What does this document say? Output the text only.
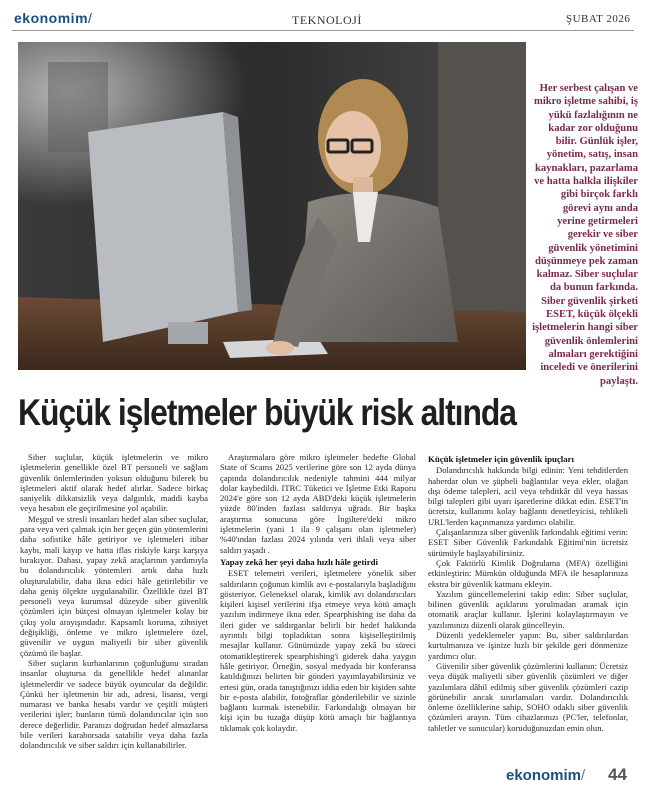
ekonomim/	TEKNOLOJİ	ŞUBAT 2026
Her serbest çalışan ve mikro işletme sahibi, iş yükü fazlalığının ne kadar zor olduğunu bilir. Günlük işler, yönetim, satış, insan kaynakları, pazarlama ve hatta halkla ilişkiler gibi birçok farklı görevi aynı anda yerine getirmeleri gerekir ve siber güvenlik yönetimini düşünmeye pek zaman kalmaz. Siber suçlular da bunun farkında. Siber güvenlik şirketi ESET, küçük ölçekli işletmelerin hangi siber güvenlik önlemlerini almaları gerektiğini inceledi ve önerilerini paylaştı.
Küçük işletmeler büyük risk altında

Siber suçlular, küçük işletmelerin ve mikro işletmelerin genellikle özel BT personeli ve sağlam güvenlik önlemlerinden yoksun olduğunu bilerek bu işletmeleri aktif olarak hedef alırlar. Sadece birkaç saniyelik dikkatsizlik veya dalgınlık, maddi kayba veya hesabın ele geçirilmesine yol açabilir.

Meşgul ve stresli insanları hedef alan siber suçlular, para veya veri çalmak için her geçen gün yöntemlerini daha sofistike hâle getiriyor ve işletmeleri itibar kaybı, mali kayıp ve hatta iflas riskiyle karşı karşıya bırakıyor. Dahası, yapay zekâ araçlarının yardımıyla bu dolandırıcılık yöntemleri artık daha hızlı oluşturulabilir, daha ikna edici hâle getirilebilir ve daha geniş ölçekte uygulanabilir. Özellikle özel BT personeli veya kurumsal düzeyde siber güvenlik çözümleri için bütçesi olmayan işletmeler kolay bir çıkış yolu arayışındadır. Kapsamlı koruma, zihniyet değişikliği, önleme ve mikro işletmelere özel, güvenilir ve uygun maliyetli bir siber güvenlik çözümü ile başlar.

Siber suçların kurbanlarının çoğunluğunu sıradan insanlar oluştursa da genellikle hedef alınanlar işletmelerdir ve sadece büyük oyuncular da değildir. Çünkü her işletmenin bir adı, adresi, lisansı, vergi numarası ve banka hesabı vardır ve çeşitli müşteri verilerini işler; bunların tümü dolandırıcılar için son derece değerlidir. Paranızı doğrudan hedef almazlarsa bile verileri karaborsada satabilir veya daha fazla dolandırıcılık ve siber saldırı için kullanabilirler.

Araştırmalara göre mikro işletmeler hedefte Global State of Scams 2025 verilerine göre son 12 ayda dünya çapında dolandırıcılık nedeniyle tahmini 444 milyar dolar kaybedildi. ITRC Tüketici ve İşletme Etki Raporu 2024'e göre son 12 ayda ABD'deki küçük işletmelerin yüzde 80'inden fazlası saldırıya uğradı. Bir başka araştırma sonucuna göre İngiltere'deki mikro işletmelerin (yani 1 ila 9 çalışanı olan işletmeler) %40'ından fazlası 2024 yılında veri ihlali veya siber saldırı yaşadı .

Yapay zekâ her şeyi daha hızlı hâle getirdi

ESET telemetri verileri, işletmelere yönelik siber saldırıların çoğunun kimlik avı e-postalarıyla başladığını gösteriyor. Geleneksel olarak, kimlik avı dolandırıcıları kişileri kişisel verilerini ifşa etmeye veya kötü amaçlı yazılım indirmeye ikna eder. Spearphishing ise daha da ileri gider ve saldırganlar belirli bir hedef hakkında ayrıntılı bilgi topladıktan sonra kişiselleştirilmiş mesajlar kullanır. Günümüzde yapay zekâ bu süreci otomatikleştirerek spearphishing'i giderek daha yaygın hâle getiriyor. Örneğin, sosyal medyada bir konferansa katıldığınızı belirten bir gönderi yayımlayabilirsiniz ve ertesi gün, orada tanıştığınızı iddia eden bir kişiden sahte bir e-posta alabilir, fotoğraflar gönderilebilir ve sizinle bağlantı kurmak istenebilir. Farkındalığı olmayan bir kişi için bu tuzağa düşüp kötü amaçlı bir bağlantıya tıklamak çok kolaydır.

Küçük işletmeler için güvenlik ipuçları

Dolandırıcılık hakkında bilgi edinin: Yeni tehditlerden haberdar olun ve şüpheli bağlantılar veya ekler, olağan dışı ödeme talepleri, acil veya tehditkâr dil veya hassas bilgi talepleri gibi uyarı işaretlerine dikkat edin. ESET'in ücretsiz, kullanımı kolay bağlantı denetleyicisi, tehlikeli URL'lerden kaçınmanıza yardımcı olabilir.

Çalışanlarınıza siber güvenlik farkındalık eğitimi verin: ESET Siber Güvenlik Farkındalık Eğitimi'nin ücretsiz sürümüyle başlayabilirsiniz.

Çok Faktörlü Kimlik Doğrulama (MFA) özelliğini etkinleştirin: Mümkün olduğunda MFA ile hesaplarınıza ekstra bir güvenlik katmanı ekleyin.

Yazılım güncellemelerini takip edin: Siber suçlular, bilinen güvenlik açıklarını yorulmadan aramak için otomatik araçlar kullanır. İşlerini kolaylaştırmayın ve yazılımınızı düzenli olarak güncelleyin.

Düzenli yedeklemeler yapın: Bu, siber saldırılardan kurtulmanıza ve işinize hızlı bir şekilde geri dönmenize yardımcı olur.

Güvenilir siber güvenlik çözümlerini kullanın: Ücretsiz veya düşük maliyetli siber güvenlik çözümleri ve diğer yazılımlara dâhil edilmiş siber güvenlik çözümleri cazip görünebilir ancak sınırlamaları vardır. Dolandırıcılık önleme özelliklerine sahip, SOHO odaklı siber güvenlik çözümleri arayın. Tüm cihazlarınızı (PC'ler, telefonlar, tabletler ve sunucular) koruduğunuzdan emin olun.

ekonomim/ 44
